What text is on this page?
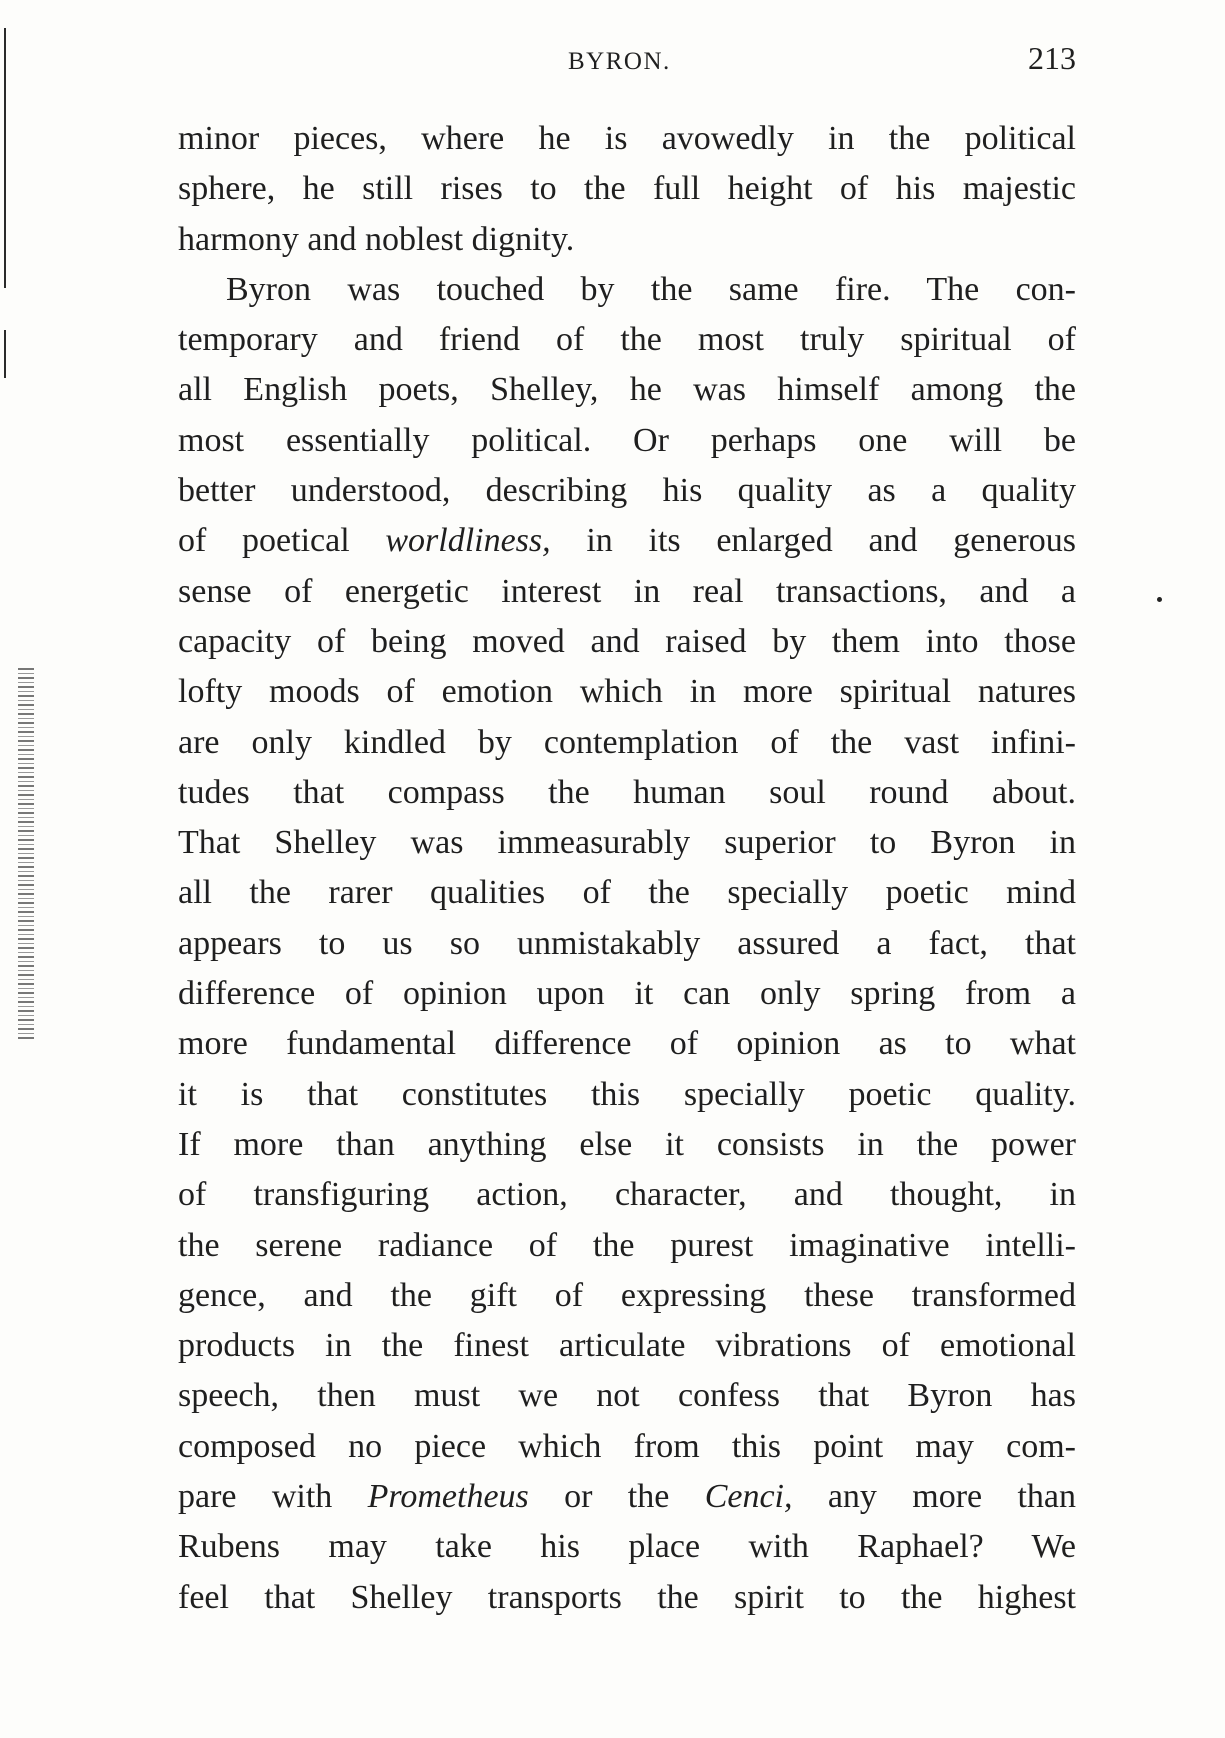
BYRON.	213
minor pieces, where he is avowedly in the political
sphere, he still rises to the full height of his majestic
harmony and noblest dignity.
Byron was touched by the same fire. The con-
temporary and friend of the most truly spiritual of
all English poets, Shelley, he was himself among the
most essentially political. Or perhaps one will be
better understood, describing his quality as a quality
of poetical worldliness, in its enlarged and generous
sense of energetic interest in real transactions, and a
capacity of being moved and raised by them into those
lofty moods of emotion which in more spiritual natures
are only kindled by contemplation of the vast infini-
tudes that compass the human soul round about.
That Shelley was immeasurably superior to Byron in
all the rarer qualities of the specially poetic mind
appears to us so unmistakably assured a fact, that
difference of opinion upon it can only spring from a
more fundamental difference of opinion as to what
it is that constitutes this specially poetic quality.
If more than anything else it consists in the power
of transfiguring action, character, and thought, in
the serene radiance of the purest imaginative intelli-
gence, and the gift of expressing these transformed
products in the finest articulate vibrations of emotional
speech, then must we not confess that Byron has
composed no piece which from this point may com-
pare with Prometheus or the Cenci, any more than
Rubens may take his place with Raphael? We
feel that Shelley transports the spirit to the highest
